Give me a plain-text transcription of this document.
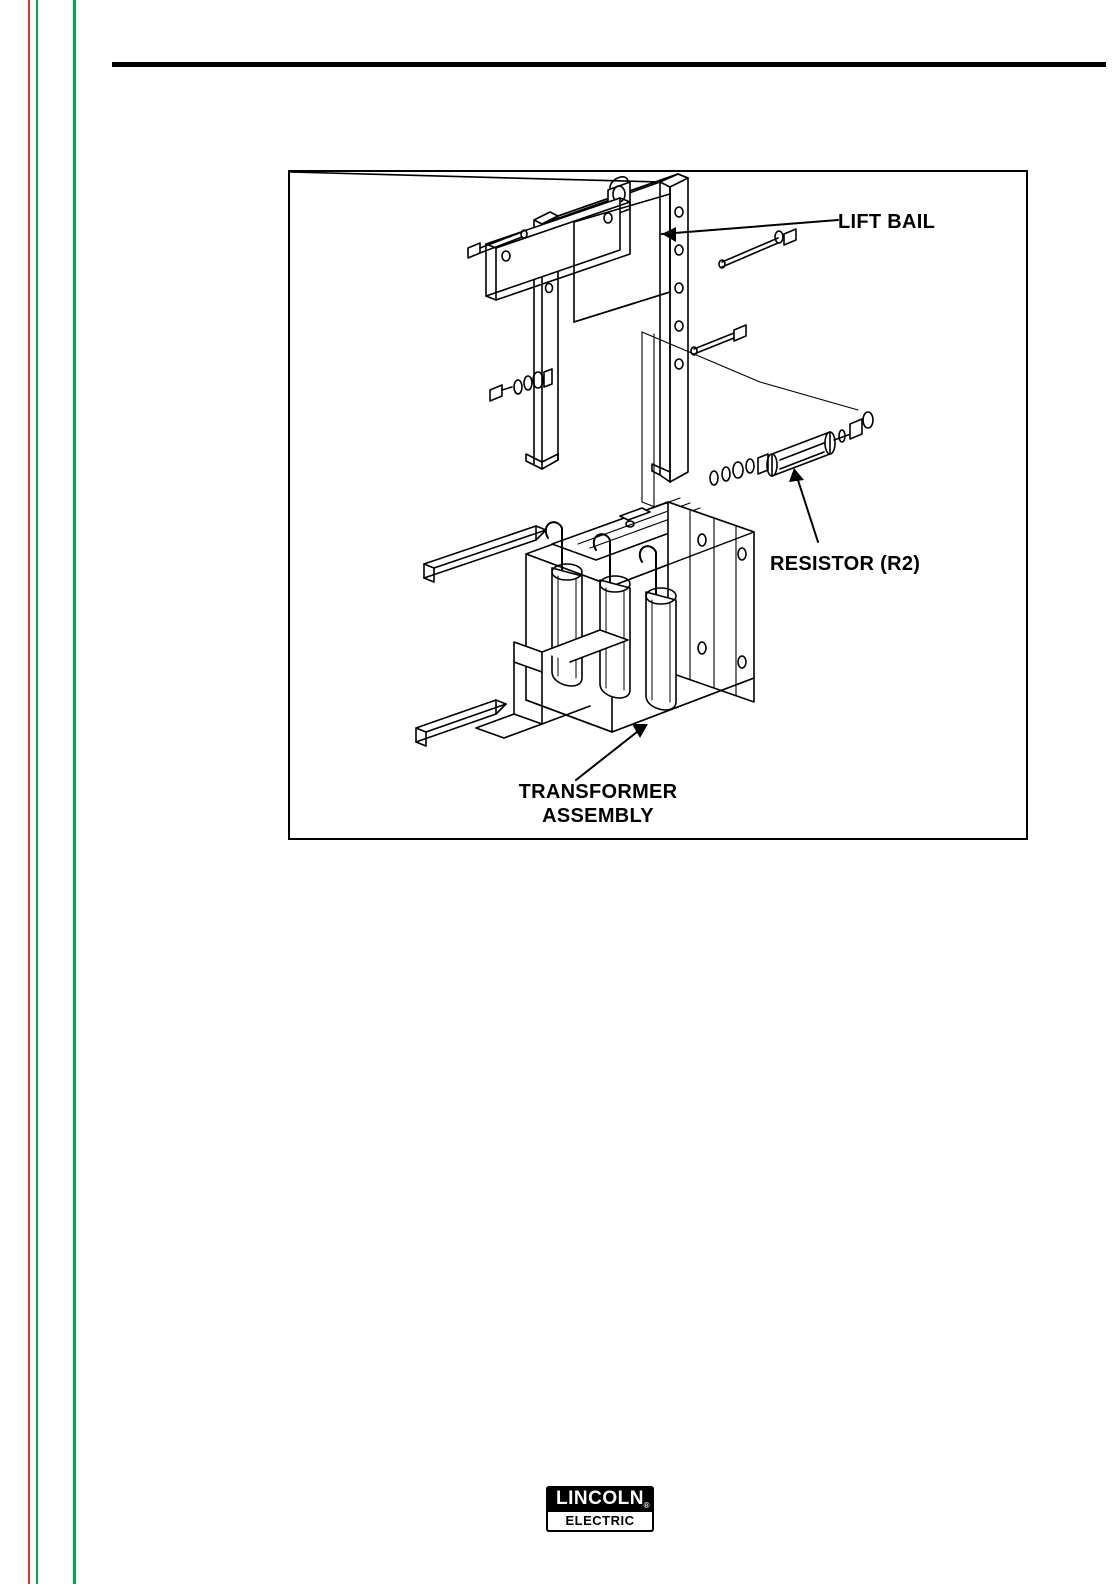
LIFT BAIL
RESISTOR (R2)
TRANSFORMER
ASSEMBLY
LINCOLN ®
ELECTRIC
